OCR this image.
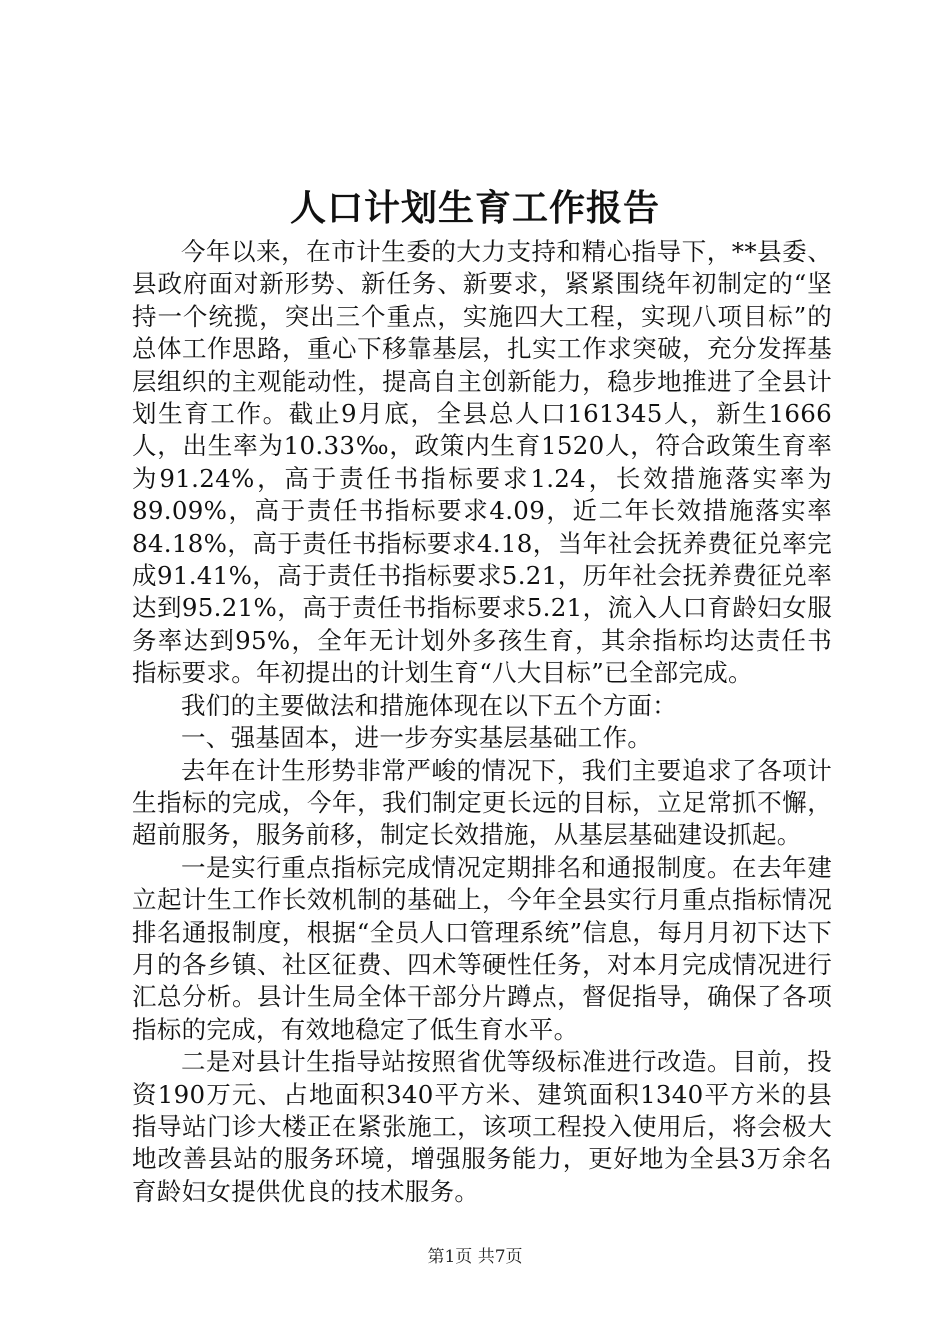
人口计划生育工作报告

今年以来，在市计生委的大力支持和精心指导下，**县委、县政府面对新形势、新任务、新要求，紧紧围绕年初制定的“坚持一个统揽，突出三个重点，实施四大工程，实现八项目标”的总体工作思路，重心下移靠基层，扎实工作求突破，充分发挥基层组织的主观能动性，提高自主创新能力，稳步地推进了全县计划生育工作。截止9月底，全县总人口161345人，新生1666人，出生率为10.33‰，政策内生育1520人，符合政策生育率为91.24%，高于责任书指标要求1.24，长效措施落实率为89.09%，高于责任书指标要求4.09，近二年长效措施落实率84.18%，高于责任书指标要求4.18，当年社会抚养费征兑率完成91.41%，高于责任书指标要求5.21，历年社会抚养费征兑率达到95.21%，高于责任书指标要求5.21，流入人口育龄妇女服务率达到95%，全年无计划外多孩生育，其余指标均达责任书指标要求。年初提出的计划生育“八大目标”已全部完成。

我们的主要做法和措施体现在以下五个方面：

一、强基固本，进一步夯实基层基础工作。

去年在计生形势非常严峻的情况下，我们主要追求了各项计生指标的完成，今年，我们制定更长远的目标，立足常抓不懈，超前服务，服务前移，制定长效措施，从基层基础建设抓起。

一是实行重点指标完成情况定期排名和通报制度。在去年建立起计生工作长效机制的基础上，今年全县实行月重点指标情况排名通报制度，根据“全员人口管理系统”信息，每月月初下达下月的各乡镇、社区征费、四术等硬性任务，对本月完成情况进行汇总分析。县计生局全体干部分片蹲点，督促指导，确保了各项指标的完成，有效地稳定了低生育水平。

二是对县计生指导站按照省优等级标准进行改造。目前，投资190万元、占地面积340平方米、建筑面积1340平方米的县指导站门诊大楼正在紧张施工，该项工程投入使用后，将会极大地改善县站的服务环境，增强服务能力，更好地为全县3万余名育龄妇女提供优良的技术服务。

第1页 共7页
